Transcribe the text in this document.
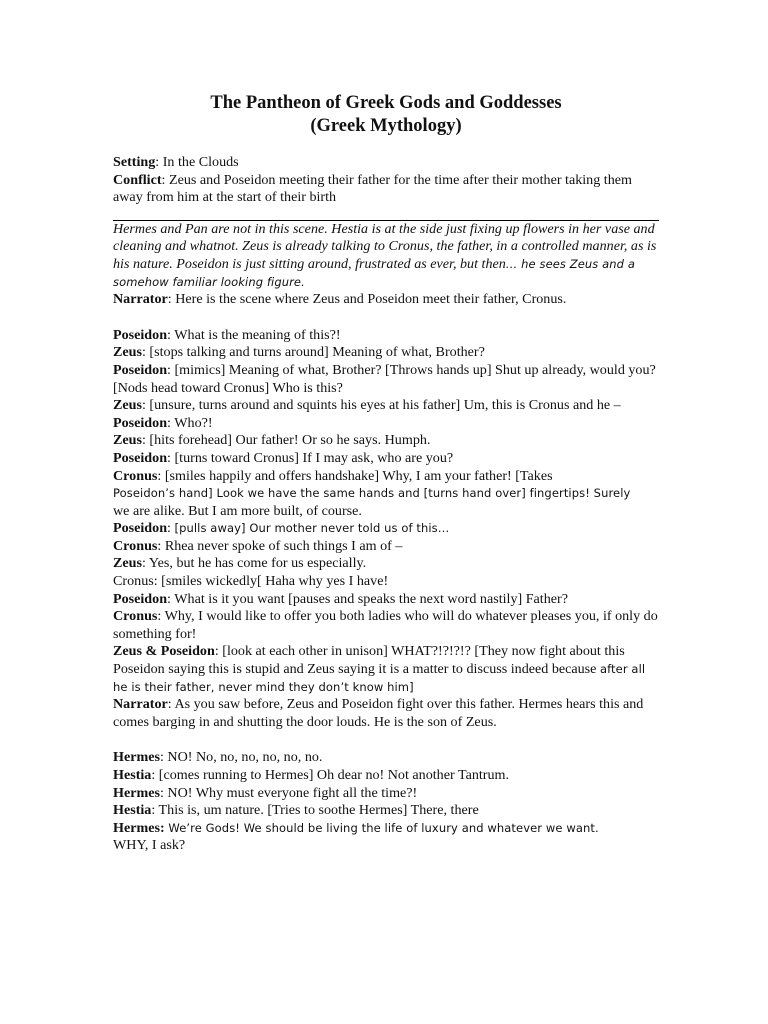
The Pantheon of Greek Gods and Goddesses

(Greek Mythology)

Setting: In the Clouds

Conflict: Zeus and Poseidon meeting their father for the time after their mother taking them away from him at the start of their birth

Hermes and Pan are not in this scene. Hestia is at the side just fixing up flowers in her vase and cleaning and whatnot. Zeus is already talking to Cronus, the father, in a controlled manner, as is his nature. Poseidon is just sitting around, frustrated as ever, but then… he sees Zeus and a somehow familiar looking figure.

Narrator: Here is the scene where Zeus and Poseidon meet their father, Cronus.

Poseidon: What is the meaning of this?!

Zeus: [stops talking and turns around] Meaning of what, Brother?

Poseidon: [mimics] Meaning of what, Brother? [Throws hands up] Shut up already, would you? [Nods head toward Cronus] Who is this?

Zeus: [unsure, turns around and squints his eyes at his father] Um, this is Cronus and he –

Poseidon: Who?!

Zeus: [hits forehead] Our father! Or so he says. Humph.

Poseidon: [turns toward Cronus] If I may ask, who are you?

Cronus: [smiles happily and offers handshake] Why, I am your father! [Takes
Poseidon’s hand] Look we have the same hands and [turns hand over] fingertips! Surely
we are alike. But I am more built, of course.

Poseidon: [pulls away] Our mother never told us of this…

Cronus: Rhea never spoke of such things I am of –

Zeus: Yes, but he has come for us especially.

Cronus: [smiles wickedly[ Haha why yes I have!

Poseidon: What is it you want [pauses and speaks the next word nastily] Father?

Cronus: Why, I would like to offer you both ladies who will do whatever pleases you, if only do something for!

Zeus & Poseidon: [look at each other in unison] WHAT?!?!?!? [They now fight about this Poseidon saying this is stupid and Zeus saying it is a matter to discuss indeed because after all he is their father, never mind they don’t know him]

Narrator: As you saw before, Zeus and Poseidon fight over this father. Hermes hears this and comes barging in and shutting the door louds. He is the son of Zeus.

Hermes: NO! No, no, no, no, no, no.

Hestia: [comes running to Hermes] Oh dear no! Not another Tantrum.

Hermes: NO! Why must everyone fight all the time?!

Hestia: This is, um nature. [Tries to soothe Hermes] There, there

Hermes: We’re Gods! We should be living the life of luxury and whatever we want.
WHY, I ask?
